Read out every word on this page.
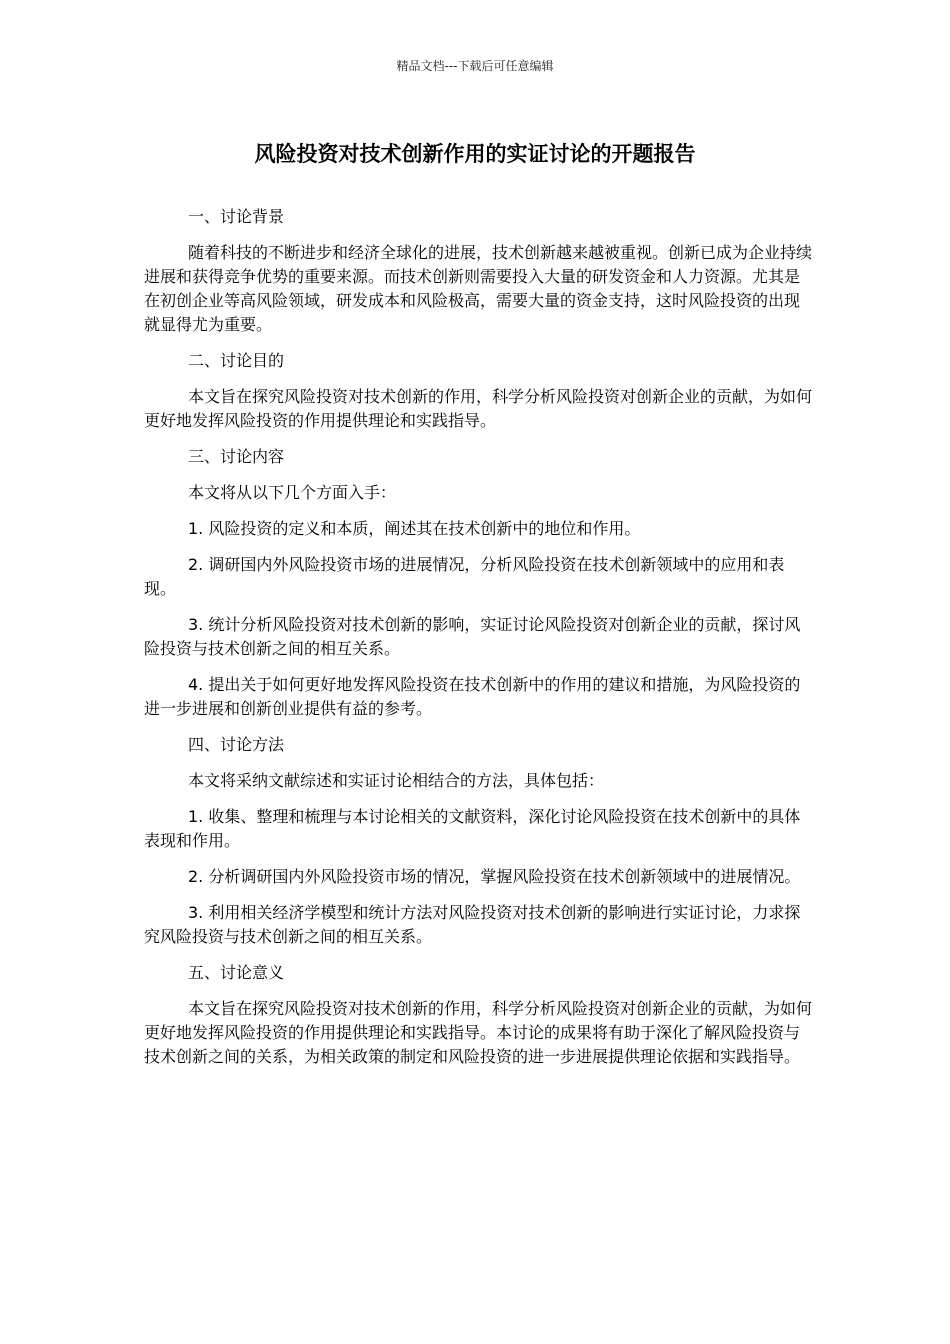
精品文档---下载后可任意编辑
风险投资对技术创新作用的实证讨论的开题报告

一、讨论背景

随着科技的不断进步和经济全球化的进展，技术创新越来越被重视。创新已成为企业持续进展和获得竞争优势的重要来源。而技术创新则需要投入大量的研发资金和人力资源。尤其是在初创企业等高风险领域，研发成本和风险极高，需要大量的资金支持，这时风险投资的出现就显得尤为重要。

二、讨论目的

本文旨在探究风险投资对技术创新的作用，科学分析风险投资对创新企业的贡献，为如何更好地发挥风险投资的作用提供理论和实践指导。

三、讨论内容

本文将从以下几个方面入手：

1. 风险投资的定义和本质，阐述其在技术创新中的地位和作用。

2. 调研国内外风险投资市场的进展情况，分析风险投资在技术创新领域中的应用和表现。

3. 统计分析风险投资对技术创新的影响，实证讨论风险投资对创新企业的贡献，探讨风险投资与技术创新之间的相互关系。

4. 提出关于如何更好地发挥风险投资在技术创新中的作用的建议和措施，为风险投资的进一步进展和创新创业提供有益的参考。

四、讨论方法

本文将采纳文献综述和实证讨论相结合的方法，具体包括：

1. 收集、整理和梳理与本讨论相关的文献资料，深化讨论风险投资在技术创新中的具体表现和作用。

2. 分析调研国内外风险投资市场的情况，掌握风险投资在技术创新领域中的进展情况。

3. 利用相关经济学模型和统计方法对风险投资对技术创新的影响进行实证讨论，力求探究风险投资与技术创新之间的相互关系。

五、讨论意义

本文旨在探究风险投资对技术创新的作用，科学分析风险投资对创新企业的贡献，为如何更好地发挥风险投资的作用提供理论和实践指导。本讨论的成果将有助于深化了解风险投资与技术创新之间的关系，为相关政策的制定和风险投资的进一步进展提供理论依据和实践指导。
